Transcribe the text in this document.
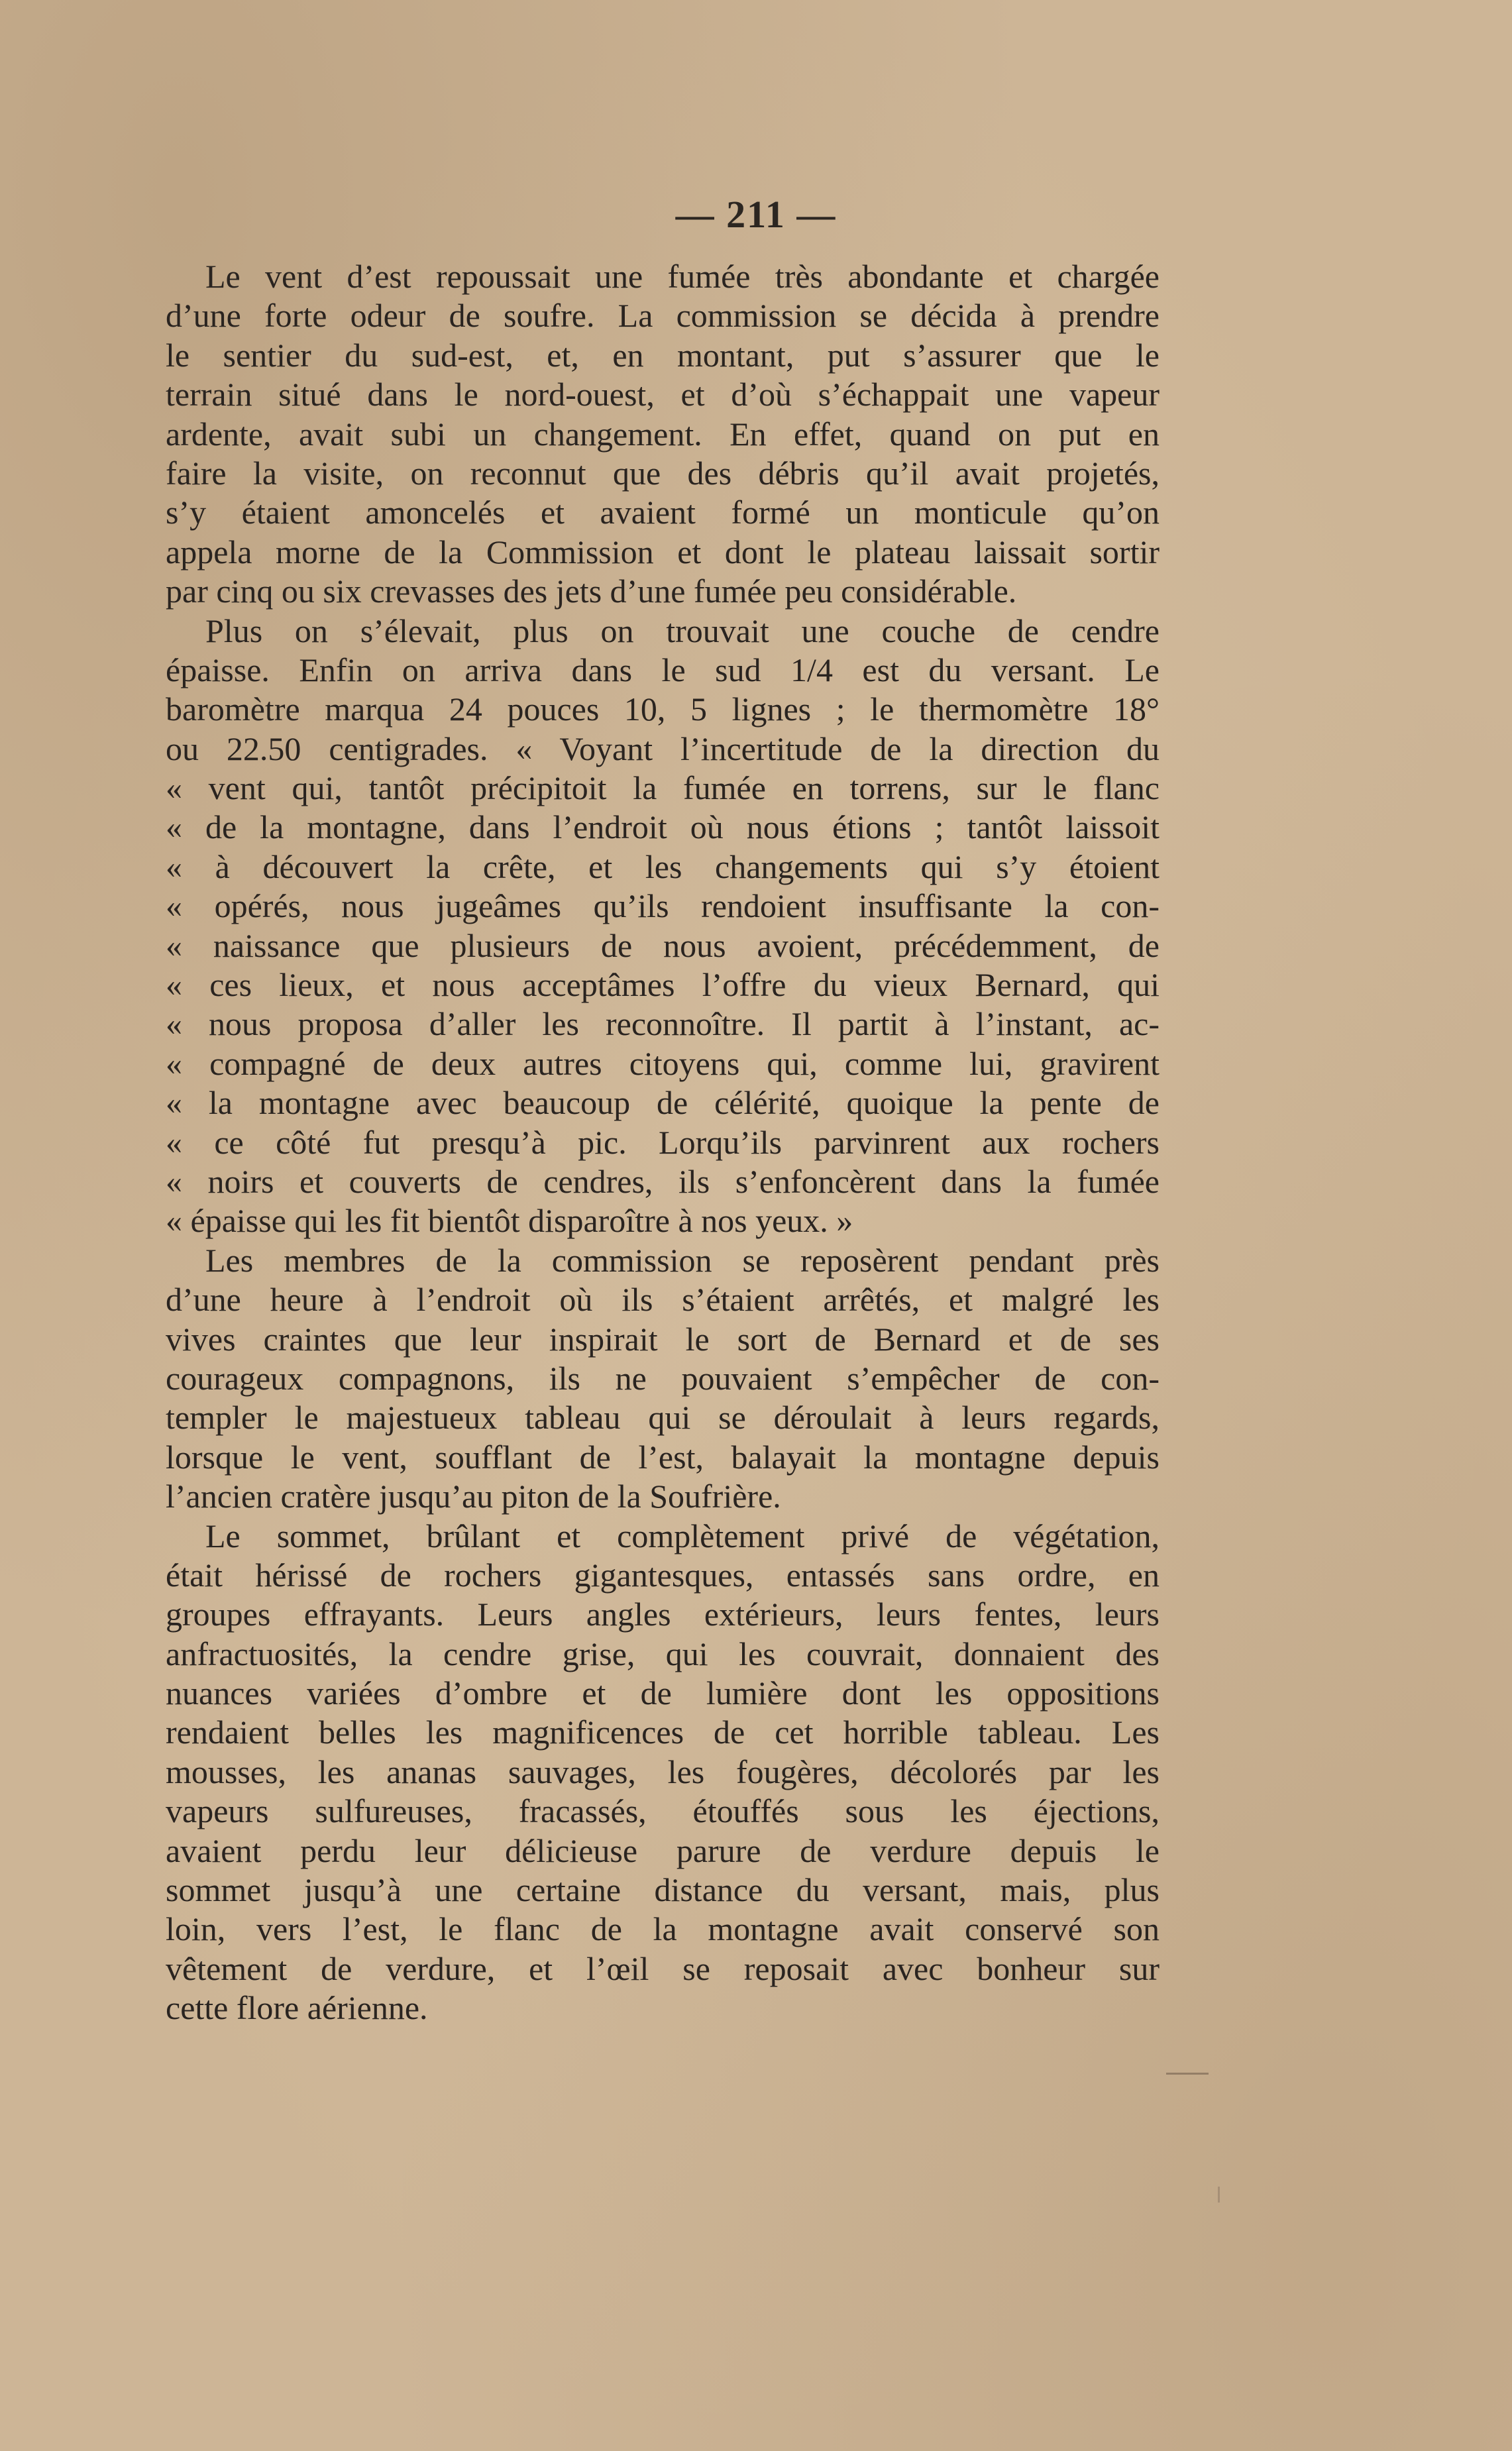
— 211 —
Le vent d’est repoussait une fumée très abondante et chargée
d’une forte odeur de soufre. La commission se décida à prendre
le sentier du sud-est, et, en montant, put s’assurer que le
terrain situé dans le nord-ouest, et d’où s’échappait une vapeur
ardente, avait subi un changement. En effet, quand on put en
faire la visite, on reconnut que des débris qu’il avait projetés,
s’y étaient amoncelés et avaient formé un monticule qu’on
appela morne de la Commission et dont le plateau laissait sortir
par cinq ou six crevasses des jets d’une fumée peu considérable.
Plus on s’élevait, plus on trouvait une couche de cendre
épaisse. Enfin on arriva dans le sud 1/4 est du versant. Le
baromètre marqua 24 pouces 10, 5 lignes ; le thermomètre 18°
ou 22.50 centigrades. « Voyant l’incertitude de la direction du
« vent qui, tantôt précipitoit la fumée en torrens, sur le flanc
« de la montagne, dans l’endroit où nous étions ; tantôt laissoit
« à découvert la crête, et les changements qui s’y étoient
« opérés, nous jugeâmes qu’ils rendoient insuffisante la con-
« naissance que plusieurs de nous avoient, précédemment, de
« ces lieux, et nous acceptâmes l’offre du vieux Bernard, qui
« nous proposa d’aller les reconnoître. Il partit à l’instant, ac-
« compagné de deux autres citoyens qui, comme lui, gravirent
« la montagne avec beaucoup de célérité, quoique la pente de
« ce côté fut presqu’à pic. Lorqu’ils parvinrent aux rochers
« noirs et couverts de cendres, ils s’enfoncèrent dans la fumée
« épaisse qui les fit bientôt disparoître à nos yeux. »
Les membres de la commission se reposèrent pendant près
d’une heure à l’endroit où ils s’étaient arrêtés, et malgré les
vives craintes que leur inspirait le sort de Bernard et de ses
courageux compagnons, ils ne pouvaient s’empêcher de con-
templer le majestueux tableau qui se déroulait à leurs regards,
lorsque le vent, soufflant de l’est, balayait la montagne depuis
l’ancien cratère jusqu’au piton de la Soufrière.
Le sommet, brûlant et complètement privé de végétation,
était hérissé de rochers gigantesques, entassés sans ordre, en
groupes effrayants. Leurs angles extérieurs, leurs fentes, leurs
anfractuosités, la cendre grise, qui les couvrait, donnaient des
nuances variées d’ombre et de lumière dont les oppositions
rendaient belles les magnificences de cet horrible tableau. Les
mousses, les ananas sauvages, les fougères, décolorés par les
vapeurs sulfureuses, fracassés, étouffés sous les éjections,
avaient perdu leur délicieuse parure de verdure depuis le
sommet jusqu’à une certaine distance du versant, mais, plus
loin, vers l’est, le flanc de la montagne avait conservé son
vêtement de verdure, et l’œil se reposait avec bonheur sur
cette flore aérienne.
